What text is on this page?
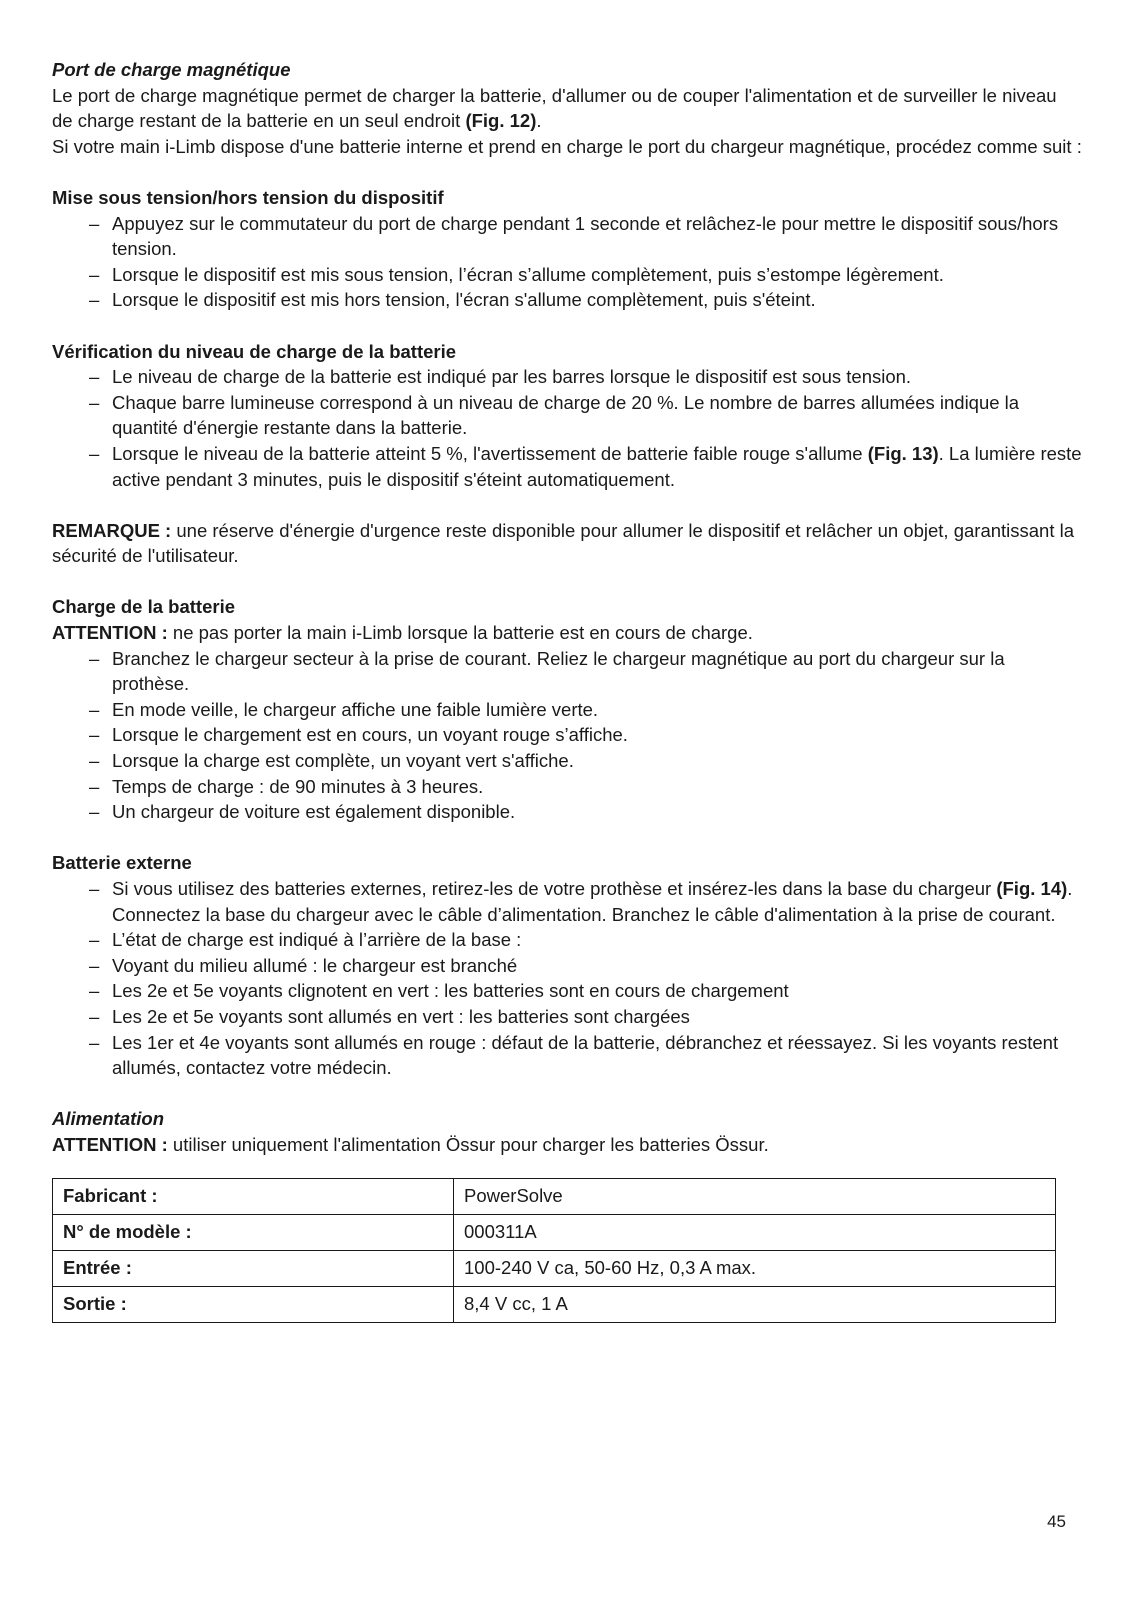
Port de charge magnétique

Le port de charge magnétique permet de charger la batterie, d'allumer ou de couper l'alimentation et de surveiller le niveau de charge restant de la batterie en un seul endroit (Fig. 12).

Si votre main i-Limb dispose d'une batterie interne et prend en charge le port du chargeur magnétique, procédez comme suit :

Mise sous tension/hors tension du dispositif

– Appuyez sur le commutateur du port de charge pendant 1 seconde et relâchez-le pour mettre le dispositif sous/hors tension.
– Lorsque le dispositif est mis sous tension, l’écran s’allume complètement, puis s’estompe légèrement.
– Lorsque le dispositif est mis hors tension, l'écran s'allume complètement, puis s'éteint.

Vérification du niveau de charge de la batterie

– Le niveau de charge de la batterie est indiqué par les barres lorsque le dispositif est sous tension.
– Chaque barre lumineuse correspond à un niveau de charge de 20 %. Le nombre de barres allumées indique la quantité d'énergie restante dans la batterie.
– Lorsque le niveau de la batterie atteint 5 %, l'avertissement de batterie faible rouge s'allume (Fig. 13). La lumière reste active pendant 3 minutes, puis le dispositif s'éteint automatiquement.

REMARQUE : une réserve d'énergie d'urgence reste disponible pour allumer le dispositif et relâcher un objet, garantissant la sécurité de l'utilisateur.

Charge de la batterie

ATTENTION : ne pas porter la main i-Limb lorsque la batterie est en cours de charge.

– Branchez le chargeur secteur à la prise de courant. Reliez le chargeur magnétique au port du chargeur sur la prothèse.
– En mode veille, le chargeur affiche une faible lumière verte.
– Lorsque le chargement est en cours, un voyant rouge s’affiche.
– Lorsque la charge est complète, un voyant vert s'affiche.
– Temps de charge : de 90 minutes à 3 heures.
– Un chargeur de voiture est également disponible.

Batterie externe

– Si vous utilisez des batteries externes, retirez-les de votre prothèse et insérez-les dans la base du chargeur (Fig. 14). Connectez la base du chargeur avec le câble d’alimentation. Branchez le câble d'alimentation à la prise de courant.
– L’état de charge est indiqué à l’arrière de la base :
– Voyant du milieu allumé : le chargeur est branché
– Les 2e et 5e voyants clignotent en vert : les batteries sont en cours de chargement
– Les 2e et 5e voyants sont allumés en vert : les batteries sont chargées
– Les 1er et 4e voyants sont allumés en rouge : défaut de la batterie, débranchez et réessayez. Si les voyants restent allumés, contactez votre médecin.

Alimentation

ATTENTION : utiliser uniquement l'alimentation Össur pour charger les batteries Össur.

Fabricant :	PowerSolve
N° de modèle :	000311A
Entrée :	100-240 V ca, 50-60 Hz, 0,3 A max.
Sortie :	8,4 V cc, 1 A
45
